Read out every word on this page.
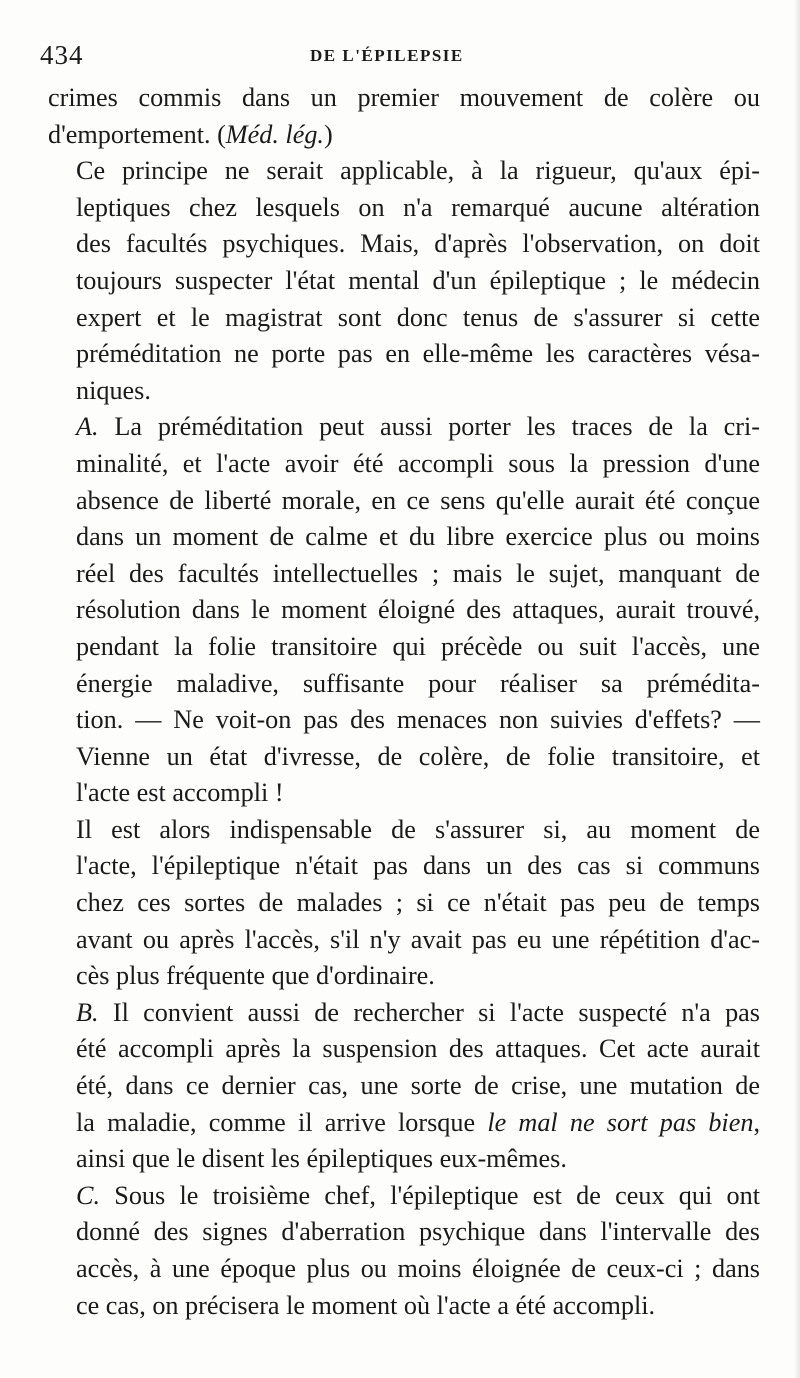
434	DE L'ÉPILEPSIE

crimes commis dans un premier mouvement de colère ou
d'emportement. (Méd. lég.)

Ce principe ne serait applicable, à la rigueur, qu'aux épi-
leptiques chez lesquels on n'a remarqué aucune altération
des facultés psychiques. Mais, d'après l'observation, on doit
toujours suspecter l'état mental d'un épileptique ; le médecin
expert et le magistrat sont donc tenus de s'assurer si cette
préméditation ne porte pas en elle-même les caractères vésa-
niques.

A. La préméditation peut aussi porter les traces de la cri-
minalité, et l'acte avoir été accompli sous la pression d'une
absence de liberté morale, en ce sens qu'elle aurait été conçue
dans un moment de calme et du libre exercice plus ou moins
réel des facultés intellectuelles ; mais le sujet, manquant de
résolution dans le moment éloigné des attaques, aurait trouvé,
pendant la folie transitoire qui précède ou suit l'accès, une
énergie maladive, suffisante pour réaliser sa prémédita-
tion. — Ne voit-on pas des menaces non suivies d'effets? —
Vienne un état d'ivresse, de colère, de folie transitoire, et
l'acte est accompli !

Il est alors indispensable de s'assurer si, au moment de
l'acte, l'épileptique n'était pas dans un des cas si communs
chez ces sortes de malades ; si ce n'était pas peu de temps
avant ou après l'accès, s'il n'y avait pas eu une répétition d'ac-
cès plus fréquente que d'ordinaire.

B. Il convient aussi de rechercher si l'acte suspecté n'a pas
été accompli après la suspension des attaques. Cet acte aurait
été, dans ce dernier cas, une sorte de crise, une mutation de
la maladie, comme il arrive lorsque le mal ne sort pas bien,
ainsi que le disent les épileptiques eux-mêmes.

C. Sous le troisième chef, l'épileptique est de ceux qui ont
donné des signes d'aberration psychique dans l'intervalle des
accès, à une époque plus ou moins éloignée de ceux-ci ; dans
ce cas, on précisera le moment où l'acte a été accompli.
